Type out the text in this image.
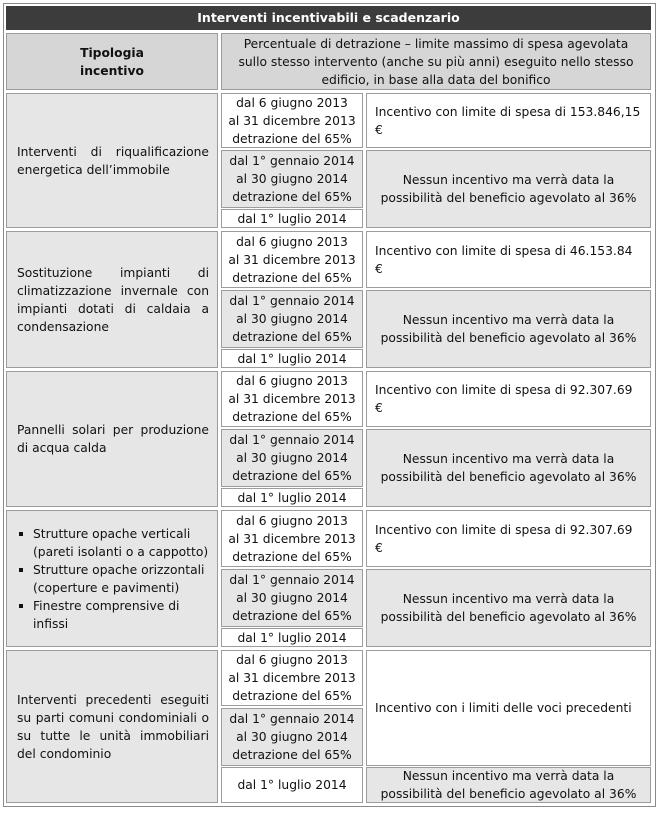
Interventi incentivabili e scadenzario
Tipologia
incentivo
Percentuale di detrazione – limite massimo di spesa agevolata sullo stesso intervento (anche su più anni) eseguito nello stesso edificio, in base alla data del bonifico
Interventi di riqualificazione energetica dell’immobile
dal 6 giugno 2013
al 31 dicembre 2013
detrazione del 65%
dal 1° gennaio 2014
al 30 giugno 2014
detrazione del 65%
dal 1° luglio 2014
Incentivo con limite di spesa di 153.846,15 €
Nessun incentivo ma verrà data la possibilità del beneficio agevolato al 36%
Sostituzione impianti di climatizzazione invernale con impianti dotati di caldaia a condensazione
dal 6 giugno 2013
al 31 dicembre 2013
detrazione del 65%
dal 1° gennaio 2014
al 30 giugno 2014
detrazione del 65%
dal 1° luglio 2014
Incentivo con limite di spesa di 46.153.84 €
Nessun incentivo ma verrà data la possibilità del beneficio agevolato al 36%
Pannelli solari per produzione di acqua calda
dal 6 giugno 2013
al 31 dicembre 2013
detrazione del 65%
dal 1° gennaio 2014
al 30 giugno 2014
detrazione del 65%
dal 1° luglio 2014
Incentivo con limite di spesa di 92.307.69 €
Nessun incentivo ma verrà data la possibilità del beneficio agevolato al 36%
Strutture opache verticali (pareti isolanti o a cappotto)
Strutture opache orizzontali (coperture e pavimenti)
Finestre comprensive di infissi
dal 6 giugno 2013
al 31 dicembre 2013
detrazione del 65%
dal 1° gennaio 2014
al 30 giugno 2014
detrazione del 65%
dal 1° luglio 2014
Incentivo con limite di spesa di 92.307.69 €
Nessun incentivo ma verrà data la possibilità del beneficio agevolato al 36%
Interventi precedenti eseguiti su parti comuni condominiali o su tutte le unità immobiliari del condominio
dal 6 giugno 2013
al 31 dicembre 2013
detrazione del 65%
dal 1° gennaio 2014
al 30 giugno 2014
detrazione del 65%
dal 1° luglio 2014
Incentivo con i limiti delle voci precedenti
Nessun incentivo ma verrà data la possibilità del beneficio agevolato al 36%
